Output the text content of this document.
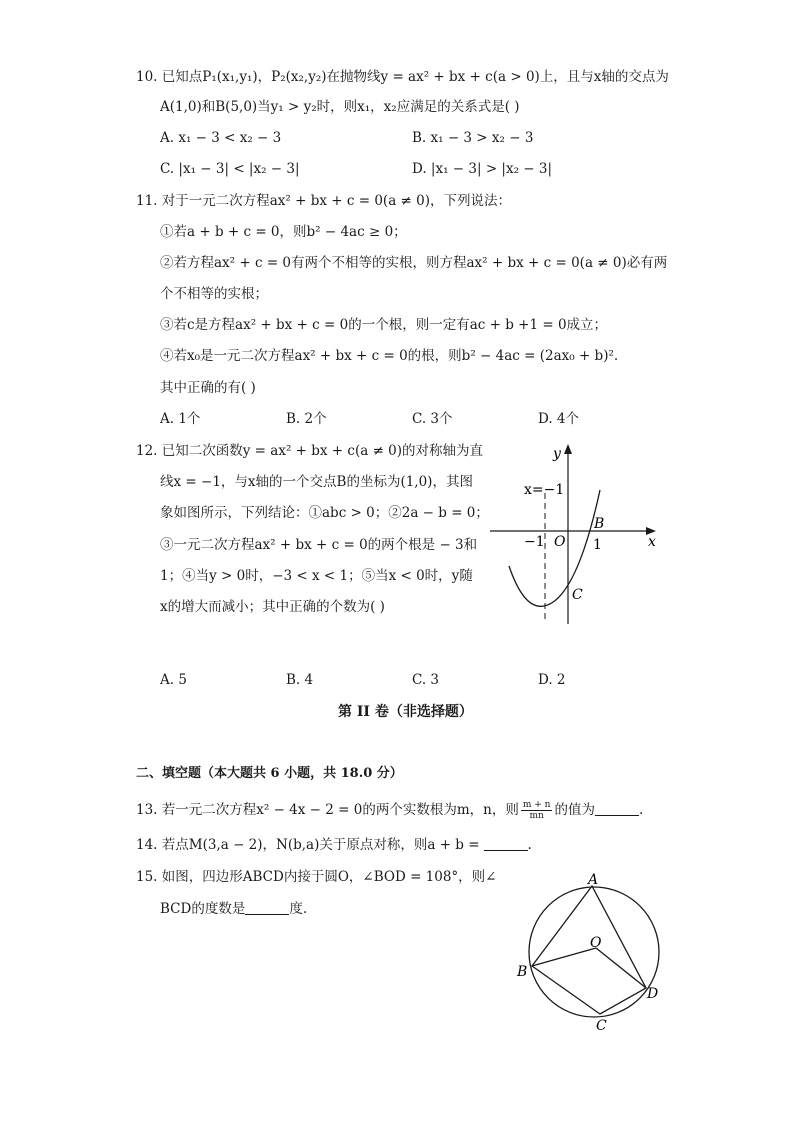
10. 已知点P₁(x₁,y₁)，P₂(x₂,y₂)在抛物线y = ax² + bx + c(a > 0)上，且与x轴的交点为
A(1,0)和B(5,0)当y₁ > y₂时，则x₁，x₂应满足的关系式是( )
A. x₁ − 3 < x₂ − 3	B. x₁ − 3 > x₂ − 3
C. |x₁ − 3| < |x₂ − 3|	D. |x₁ − 3| > |x₂ − 3|
11. 对于一元二次方程ax² + bx + c = 0(a ≠ 0)，下列说法：
①若a + b + c = 0，则b² − 4ac ≥ 0；
②若方程ax² + c = 0有两个不相等的实根，则方程ax² + bx + c = 0(a ≠ 0)必有两
个不相等的实根；
③若c是方程ax² + bx + c = 0的一个根，则一定有ac + b +1 = 0成立；
④若x₀是一元二次方程ax² + bx + c = 0的根，则b² − 4ac = (2ax₀ + b)².
其中正确的有( )
A. 1个	B. 2个	C. 3个	D. 4个
12. 已知二次函数y = ax² + bx + c(a ≠ 0)的对称轴为直
线x = −1，与x轴的一个交点B的坐标为(1,0)，其图
象如图所示，下列结论：①abc > 0；②2a − b = 0；
③一元二次方程ax² + bx + c = 0的两个根是 − 3和
1；④当y > 0时，−3 < x < 1；⑤当x < 0时，y随
x的增大而减小；其中正确的个数为( )
y
x
x=−1
B
O
−1	1
C
A. 5	B. 4	C. 3	D. 2
第 II 卷（非选择题）
二、填空题（本大题共 6 小题，共 18.0 分）
13. 若一元二次方程x² − 4x − 2 = 0的两个实数根为m，n，则 $\frac{m + n}{mn}$ 的值为	.
14. 若点M(3,a − 2)，N(b,a)关于原点对称，则a + b =	.
15. 如图，四边形ABCD内接于圆O，∠BOD = 108°，则∠
BCD的度数是	度.
A
B
C
D
O
